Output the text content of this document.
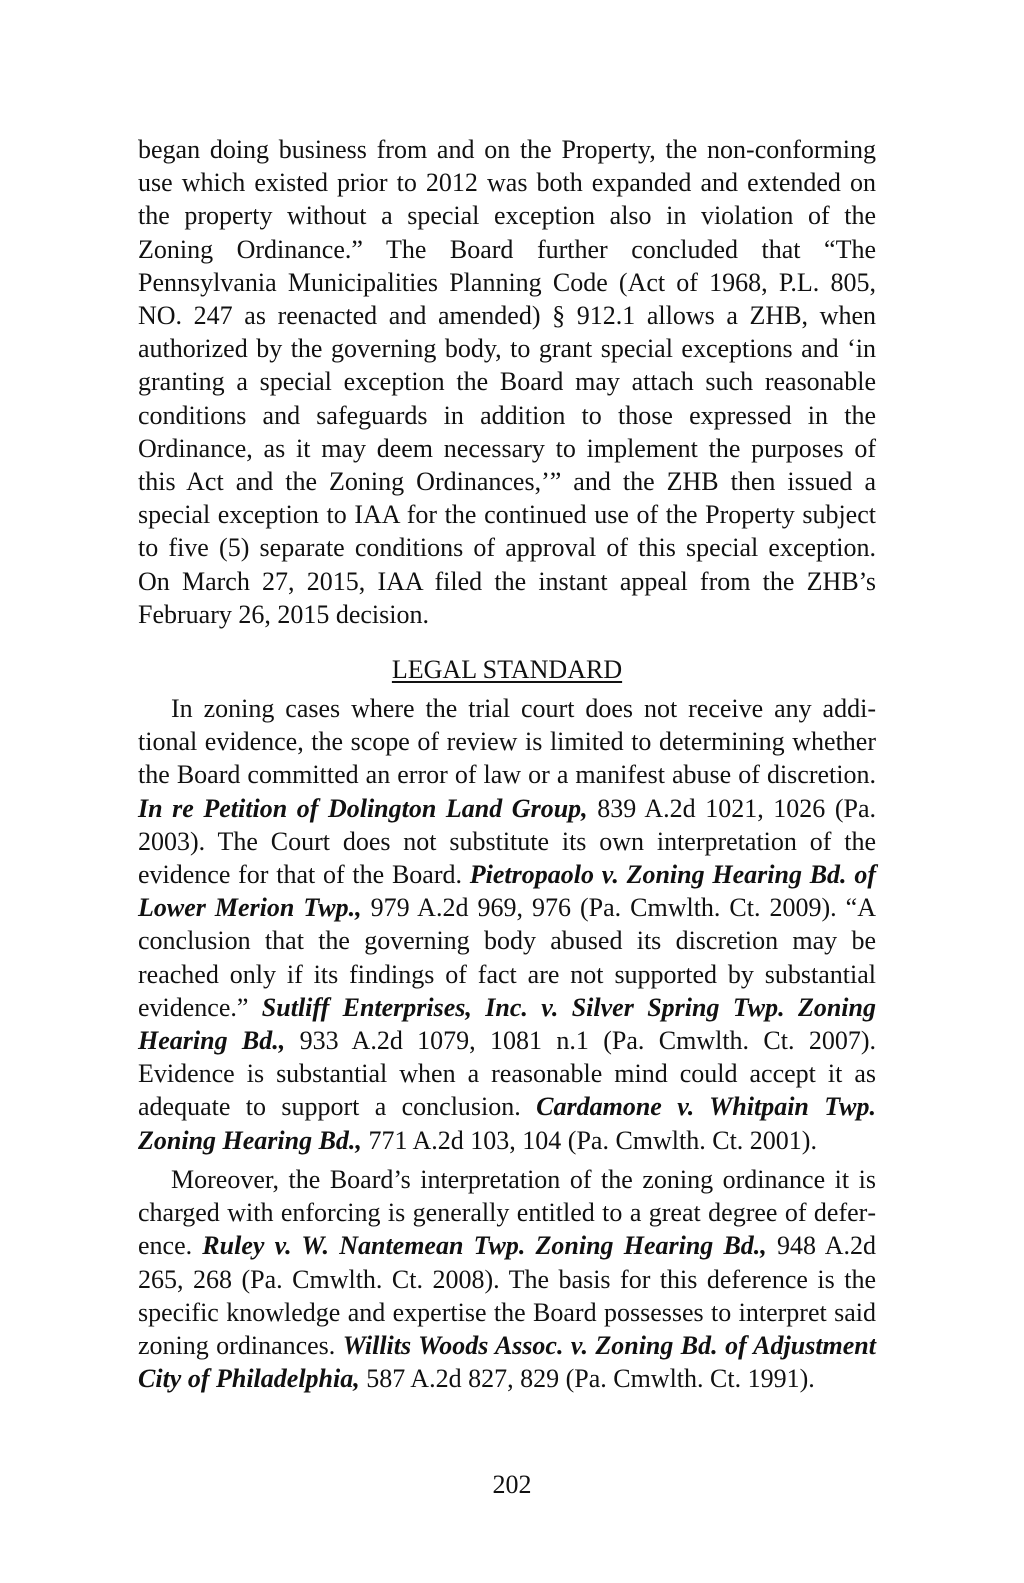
began doing business from and on the Property, the non-conforming use which existed prior to 2012 was both expanded and extended on the property without a special exception also in violation of the Zoning Ordinance.” The Board further concluded that “The Pennsylvania Municipalities Planning Code (Act of 1968, P.L. 805, NO. 247 as reenacted and amended) § 912.1 allows a ZHB, when authorized by the governing body, to grant special exceptions and ‘in granting a special exception the Board may attach such reasonable conditions and safeguards in addition to those expressed in the Ordinance, as it may deem necessary to implement the purposes of this Act and the Zoning Ordinances,’” and the ZHB then issued a special exception to IAA for the continued use of the Property subject to five (5) separate conditions of approval of this special exception. On March 27, 2015, IAA filed the instant appeal from the ZHB’s February 26, 2015 decision.

LEGAL STANDARD

In zoning cases where the trial court does not receive any additional evidence, the scope of review is limited to determining whether the Board committed an error of law or a manifest abuse of discretion. In re Petition of Dolington Land Group, 839 A.2d 1021, 1026 (Pa. 2003). The Court does not substitute its own interpretation of the evidence for that of the Board. Pietropaolo v. Zoning Hearing Bd. of Lower Merion Twp., 979 A.2d 969, 976 (Pa. Cmwlth. Ct. 2009). “A conclusion that the governing body abused its discretion may be reached only if its findings of fact are not supported by substantial evidence.” Sutliff Enterprises, Inc. v. Silver Spring Twp. Zoning Hearing Bd., 933 A.2d 1079, 1081 n.1 (Pa. Cmwlth. Ct. 2007). Evidence is substantial when a reasonable mind could accept it as adequate to support a conclusion. Cardamone v. Whitpain Twp. Zoning Hearing Bd., 771 A.2d 103, 104 (Pa. Cmwlth. Ct. 2001).

Moreover, the Board’s interpretation of the zoning ordinance it is charged with enforcing is generally entitled to a great degree of deference. Ruley v. W. Nantemean Twp. Zoning Hearing Bd., 948 A.2d 265, 268 (Pa. Cmwlth. Ct. 2008). The basis for this deference is the specific knowledge and expertise the Board possesses to interpret said zoning ordinances. Willits Woods Assoc. v. Zoning Bd. of Adjustment City of Philadelphia, 587 A.2d 827, 829 (Pa. Cmwlth. Ct. 1991).

202
